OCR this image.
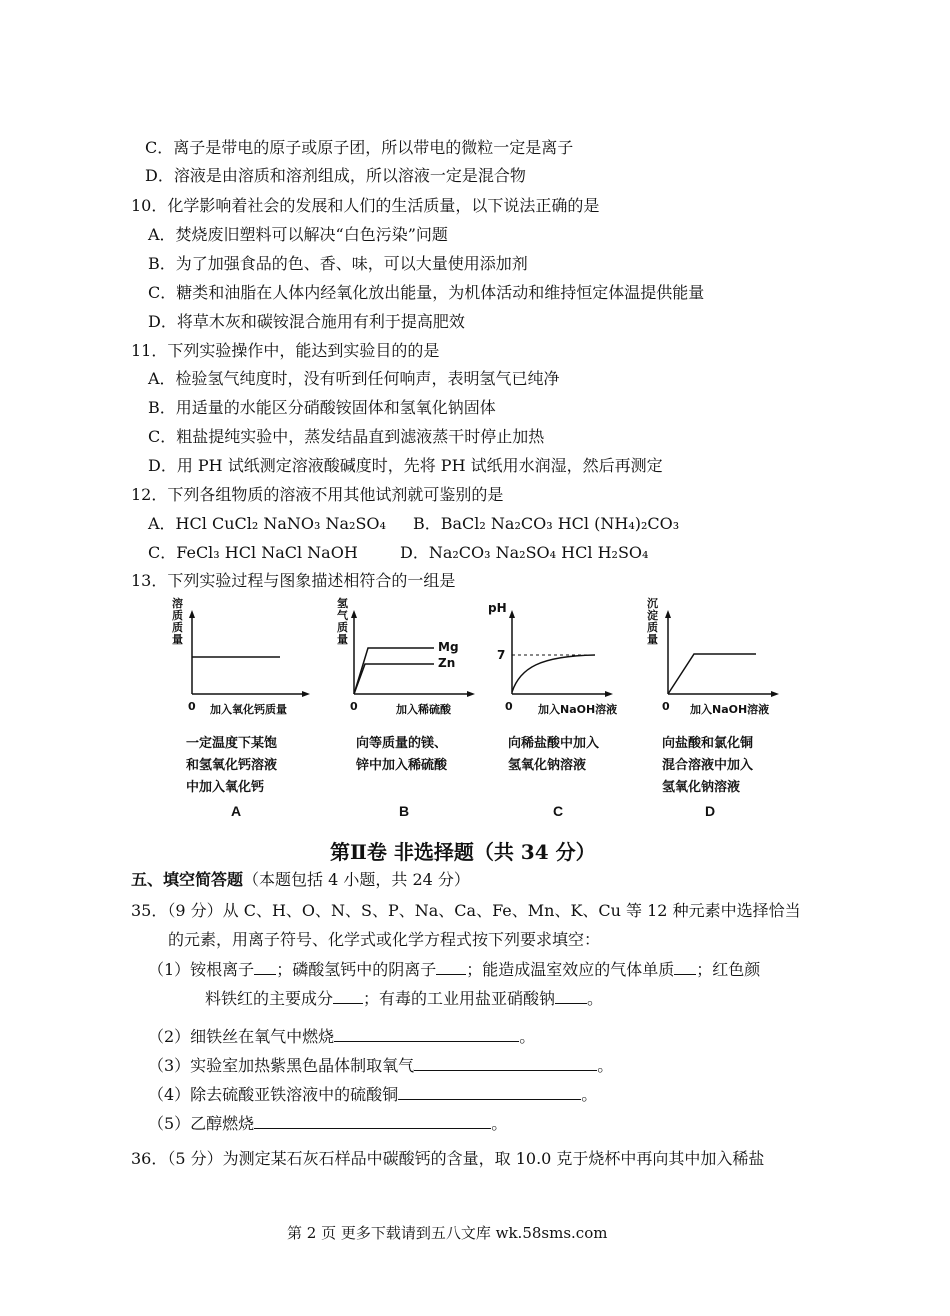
C．离子是带电的原子或原子团，所以带电的微粒一定是离子
D．溶液是由溶质和溶剂组成，所以溶液一定是混合物
10．化学影响着社会的发展和人们的生活质量，以下说法正确的是
A．焚烧废旧塑料可以解决“白色污染”问题
B．为了加强食品的色、香、味，可以大量使用添加剂
C．糖类和油脂在人体内经氧化放出能量，为机体活动和维持恒定体温提供能量
D．将草木灰和碳铵混合施用有利于提高肥效
11．下列实验操作中，能达到实验目的的是
A．检验氢气纯度时，没有听到任何响声，表明氢气已纯净
B．用适量的水能区分硝酸铵固体和氢氧化钠固体
C．粗盐提纯实验中，蒸发结晶直到滤液蒸干时停止加热
D．用 PH 试纸测定溶液酸碱度时，先将 PH 试纸用水润湿，然后再测定
12．下列各组物质的溶液不用其他试剂就可鉴别的是
A．HCl CuCl₂ NaNO₃ Na₂SO₄ B．BaCl₂ Na₂CO₃ HCl (NH₄)₂CO₃
C．FeCl₃ HCl NaCl NaOH	D．Na₂CO₃ Na₂SO₄ HCl H₂SO₄
13．下列实验过程与图象描述相符合的一组是
溶质质量
0 加入氧化钙质量
一定温度下某饱
和氢氧化钙溶液
中加入氧化钙
A
氢气质量
Mg
Zn
0	加入稀硫酸
向等质量的镁、
锌中加入稀硫酸
B
pH
7
0 加入NaOH溶液
向稀盐酸中加入
氢氧化钠溶液
C
沉淀质量
0 加入NaOH溶液
向盐酸和氯化铜
混合溶液中加入
氢氧化钠溶液
D
第Ⅱ卷 非选择题（共 34 分）
五、填空简答题（本题包括 4 小题，共 24 分）
35．（9 分）从 C、H、O、N、S、P、Na、Ca、Fe、Mn、K、Cu 等 12 种元素中选择恰当
的元素，用离子符号、化学式或化学方程式按下列要求填空：
（1）铵根离子 ；磷酸氢钙中的阴离子 ；能造成温室效应的气体单质 ；红色颜
料铁红的主要成分 ；有毒的工业用盐亚硝酸钠 。
（2）细铁丝在氧气中燃烧	。
（3）实验室加热紫黑色晶体制取氧气	。
（4）除去硫酸亚铁溶液中的硫酸铜	。
（5）乙醇燃烧	。
36．（5 分）为测定某石灰石样品中碳酸钙的含量，取 10.0 克于烧杯中再向其中加入稀盐
第 2 页 更多下载请到五八文库 wk.58sms.com
